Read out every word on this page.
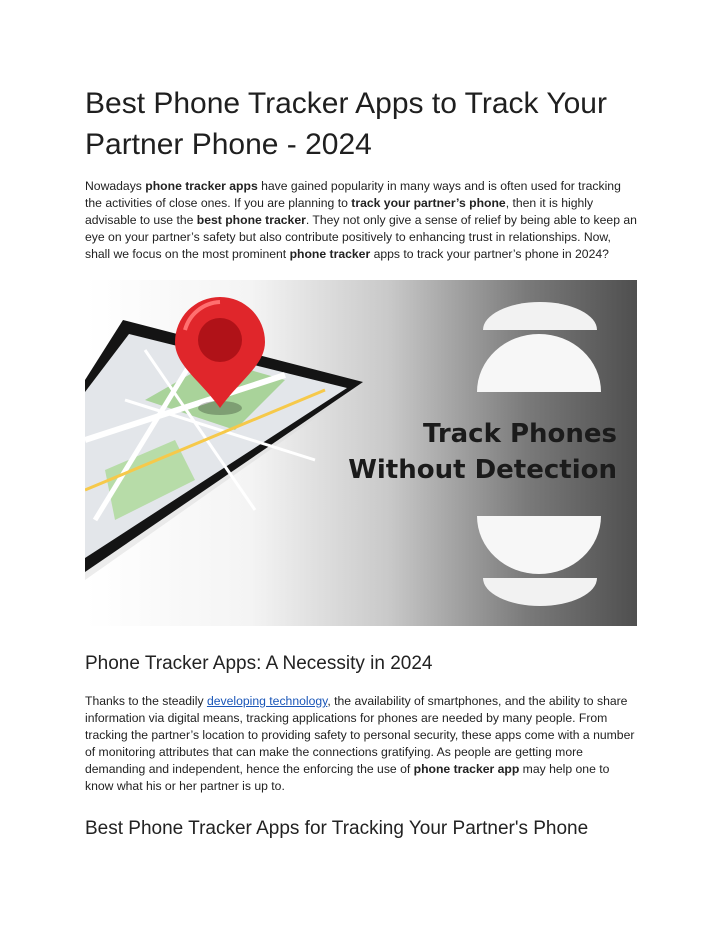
Best Phone Tracker Apps to Track Your Partner Phone - 2024

Nowadays phone tracker apps have gained popularity in many ways and is often used for tracking the activities of close ones. If you are planning to track your partner’s phone, then it is highly advisable to use the best phone tracker. They not only give a sense of relief by being able to keep an eye on your partner’s safety but also contribute positively to enhancing trust in relationships. Now, shall we focus on the most prominent phone tracker apps to track your partner’s phone in 2024?

Track Phones
Without Detection
Phone Tracker Apps: A Necessity in 2024

Thanks to the steadily developing technology, the availability of smartphones, and the ability to share information via digital means, tracking applications for phones are needed by many people. From tracking the partner’s location to providing safety to personal security, these apps come with a number of monitoring attributes that can make the connections gratifying. As people are getting more demanding and independent, hence the enforcing the use of phone tracker app may help one to know what his or her partner is up to.

Best Phone Tracker Apps for Tracking Your Partner's Phone
